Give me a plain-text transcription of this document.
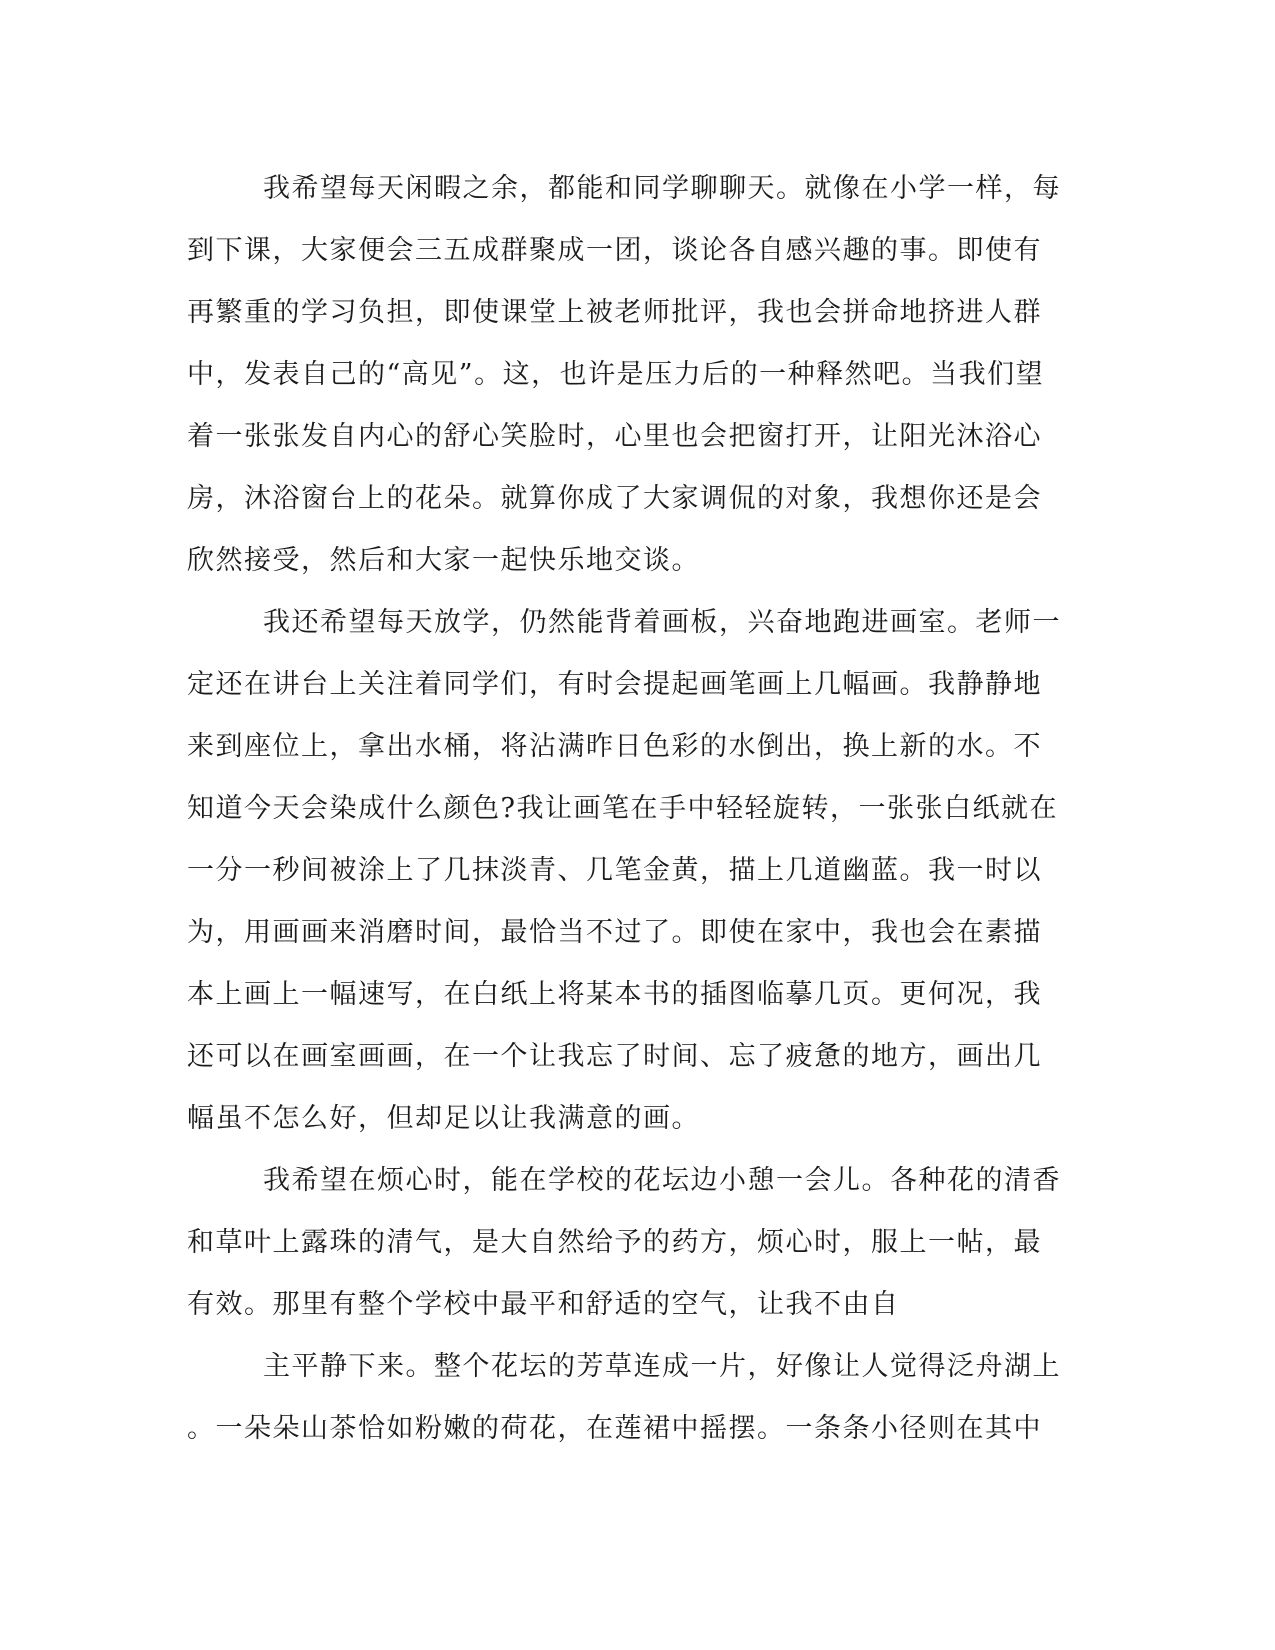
我希望每天闲暇之余，都能和同学聊聊天。就像在小学一样，每
到下课，大家便会三五成群聚成一团，谈论各自感兴趣的事。即使有
再繁重的学习负担，即使课堂上被老师批评，我也会拼命地挤进人群
中，发表自己的“高见”。这，也许是压力后的一种释然吧。当我们望
着一张张发自内心的舒心笑脸时，心里也会把窗打开，让阳光沐浴心
房，沐浴窗台上的花朵。就算你成了大家调侃的对象，我想你还是会
欣然接受，然后和大家一起快乐地交谈。
我还希望每天放学，仍然能背着画板，兴奋地跑进画室。老师一
定还在讲台上关注着同学们，有时会提起画笔画上几幅画。我静静地
来到座位上，拿出水桶，将沾满昨日色彩的水倒出，换上新的水。不
知道今天会染成什么颜色?我让画笔在手中轻轻旋转，一张张白纸就在
一分一秒间被涂上了几抹淡青、几笔金黄，描上几道幽蓝。我一时以
为，用画画来消磨时间，最恰当不过了。即使在家中，我也会在素描
本上画上一幅速写，在白纸上将某本书的插图临摹几页。更何况，我
还可以在画室画画，在一个让我忘了时间、忘了疲惫的地方，画出几
幅虽不怎么好，但却足以让我满意的画。
我希望在烦心时，能在学校的花坛边小憩一会儿。各种花的清香
和草叶上露珠的清气，是大自然给予的药方，烦心时，服上一帖，最
有效。那里有整个学校中最平和舒适的空气，让我不由自
主平静下来。整个花坛的芳草连成一片，好像让人觉得泛舟湖上
。一朵朵山茶恰如粉嫩的荷花，在莲裙中摇摆。一条条小径则在其中
